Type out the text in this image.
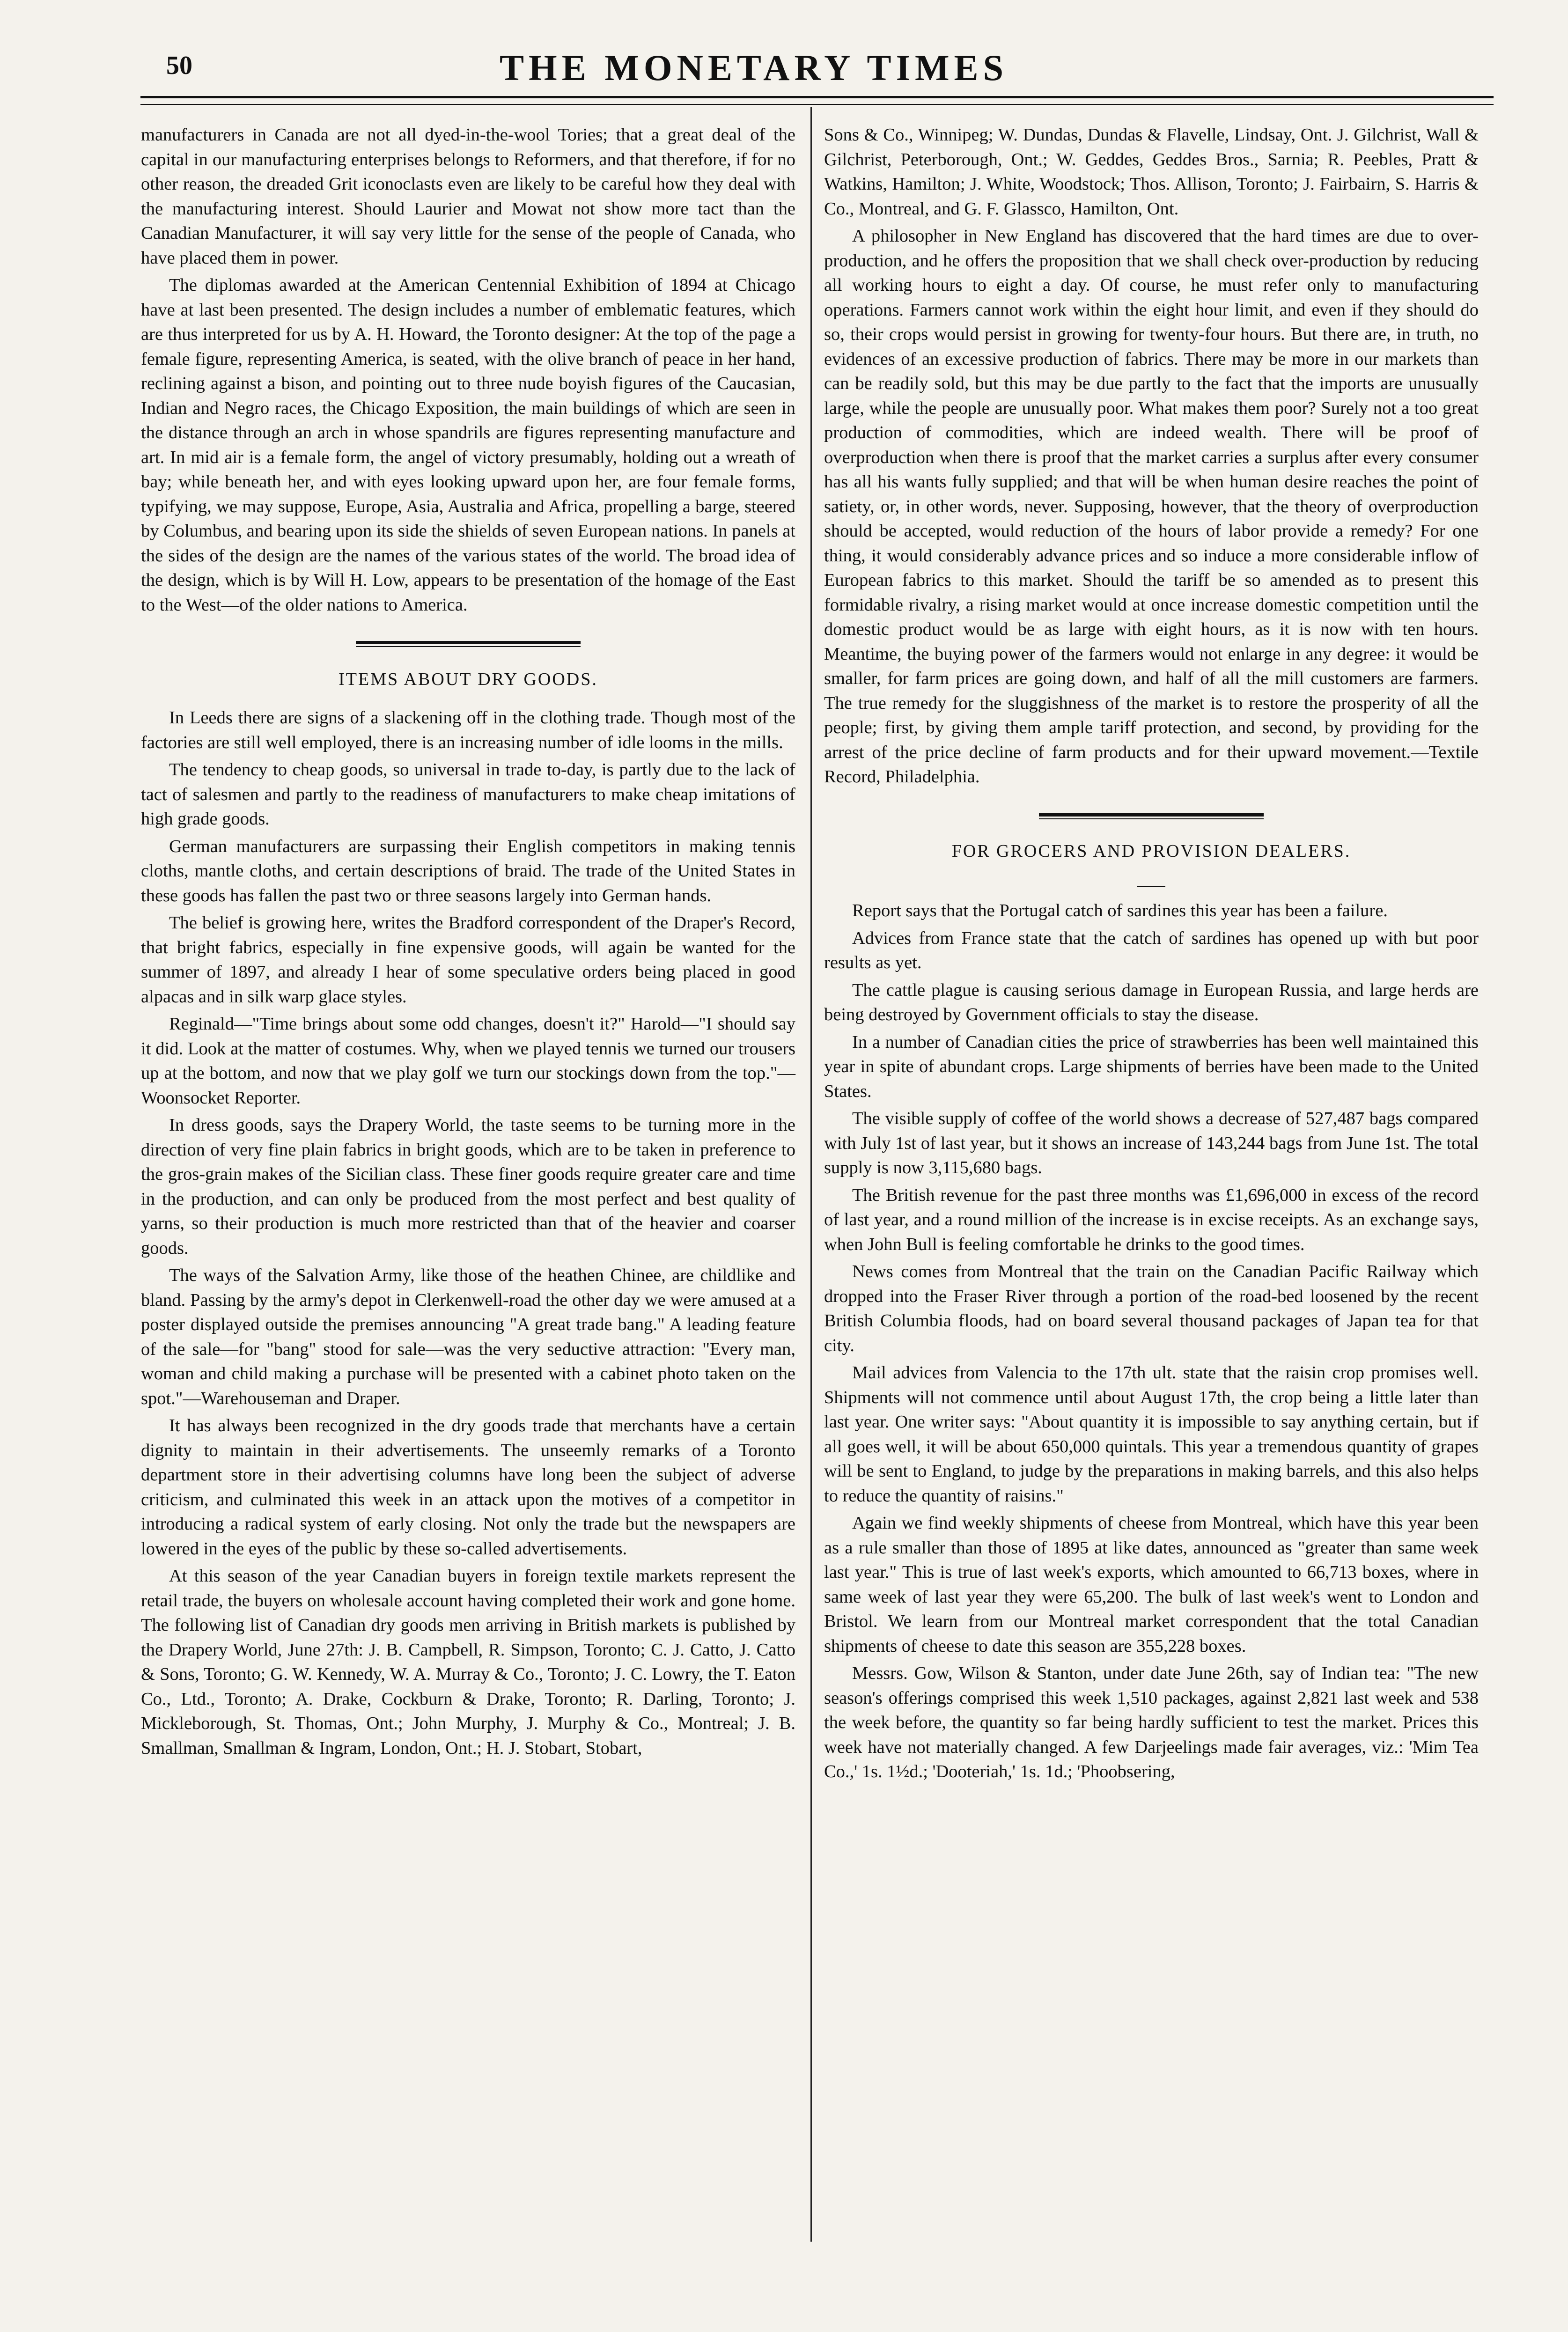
50	THE MONETARY TIMES

manufacturers in Canada are not all dyed-in-the-wool Tories; that a great deal of the capital in our manufacturing enterprises belongs to Reformers, and that therefore, if for no other reason, the dreaded Grit iconoclasts even are likely to be careful how they deal with the manufacturing interest. Should Laurier and Mowat not show more tact than the Canadian Manufacturer, it will say very little for the sense of the people of Canada, who have placed them in power.

The diplomas awarded at the American Centennial Exhibition of 1894 at Chicago have at last been presented. The design includes a number of emblematic features, which are thus interpreted for us by A. H. Howard, the Toronto designer: At the top of the page a female figure, representing America, is seated, with the olive branch of peace in her hand, reclining against a bison, and pointing out to three nude boyish figures of the Caucasian, Indian and Negro races, the Chicago Exposition, the main buildings of which are seen in the distance through an arch in whose spandrils are figures representing manufacture and art. In mid air is a female form, the angel of victory presumably, holding out a wreath of bay; while beneath her, and with eyes looking upward upon her, are four female forms, typifying, we may suppose, Europe, Asia, Australia and Africa, propelling a barge, steered by Columbus, and bearing upon its side the shields of seven European nations. In panels at the sides of the design are the names of the various states of the world. The broad idea of the design, which is by Will H. Low, appears to be presentation of the homage of the East to the West—of the older nations to America.

ITEMS ABOUT DRY GOODS.

In Leeds there are signs of a slackening off in the clothing trade. Though most of the factories are still well employed, there is an increasing number of idle looms in the mills.

The tendency to cheap goods, so universal in trade to-day, is partly due to the lack of tact of salesmen and partly to the readiness of manufacturers to make cheap imitations of high grade goods.

German manufacturers are surpassing their English competitors in making tennis cloths, mantle cloths, and certain descriptions of braid. The trade of the United States in these goods has fallen the past two or three seasons largely into German hands.

The belief is growing here, writes the Bradford correspondent of the Draper's Record, that bright fabrics, especially in fine expensive goods, will again be wanted for the summer of 1897, and already I hear of some speculative orders being placed in good alpacas and in silk warp glace styles.

Reginald—"Time brings about some odd changes, doesn't it?" Harold—"I should say it did. Look at the matter of costumes. Why, when we played tennis we turned our trousers up at the bottom, and now that we play golf we turn our stockings down from the top."—Woonsocket Reporter.

In dress goods, says the Drapery World, the taste seems to be turning more in the direction of very fine plain fabrics in bright goods, which are to be taken in preference to the gros-grain makes of the Sicilian class. These finer goods require greater care and time in the production, and can only be produced from the most perfect and best quality of yarns, so their production is much more restricted than that of the heavier and coarser goods.

The ways of the Salvation Army, like those of the heathen Chinee, are childlike and bland. Passing by the army's depot in Clerkenwell-road the other day we were amused at a poster displayed outside the premises announcing "A great trade bang." A leading feature of the sale—for "bang" stood for sale—was the very seductive attraction: "Every man, woman and child making a purchase will be presented with a cabinet photo taken on the spot."—Warehouseman and Draper.

It has always been recognized in the dry goods trade that merchants have a certain dignity to maintain in their advertisements. The unseemly remarks of a Toronto department store in their advertising columns have long been the subject of adverse criticism, and culminated this week in an attack upon the motives of a competitor in introducing a radical system of early closing. Not only the trade but the newspapers are lowered in the eyes of the public by these so-called advertisements.

At this season of the year Canadian buyers in foreign textile markets represent the retail trade, the buyers on wholesale account having completed their work and gone home. The following list of Canadian dry goods men arriving in British markets is published by the Drapery World, June 27th: J. B. Campbell, R. Simpson, Toronto; C. J. Catto, J. Catto & Sons, Toronto; G. W. Kennedy, W. A. Murray & Co., Toronto; J. C. Lowry, the T. Eaton Co., Ltd., Toronto; A. Drake, Cockburn & Drake, Toronto; R. Darling, Toronto; J. Mickleborough, St. Thomas, Ont.; John Murphy, J. Murphy & Co., Montreal; J. B. Smallman, Smallman & Ingram, London, Ont.; H. J. Stobart, Stobart,

Sons & Co., Winnipeg; W. Dundas, Dundas & Flavelle, Lindsay, Ont. J. Gilchrist, Wall & Gilchrist, Peterborough, Ont.; W. Geddes, Geddes Bros., Sarnia; R. Peebles, Pratt & Watkins, Hamilton; J. White, Woodstock; Thos. Allison, Toronto; J. Fairbairn, S. Harris & Co., Montreal, and G. F. Glassco, Hamilton, Ont.

A philosopher in New England has discovered that the hard times are due to over-production, and he offers the proposition that we shall check over-production by reducing all working hours to eight a day. Of course, he must refer only to manufacturing operations. Farmers cannot work within the eight hour limit, and even if they should do so, their crops would persist in growing for twenty-four hours. But there are, in truth, no evidences of an excessive production of fabrics. There may be more in our markets than can be readily sold, but this may be due partly to the fact that the imports are unusually large, while the people are unusually poor. What makes them poor? Surely not a too great production of commodities, which are indeed wealth. There will be proof of overproduction when there is proof that the market carries a surplus after every consumer has all his wants fully supplied; and that will be when human desire reaches the point of satiety, or, in other words, never. Supposing, however, that the theory of overproduction should be accepted, would reduction of the hours of labor provide a remedy? For one thing, it would considerably advance prices and so induce a more considerable inflow of European fabrics to this market. Should the tariff be so amended as to present this formidable rivalry, a rising market would at once increase domestic competition until the domestic product would be as large with eight hours, as it is now with ten hours. Meantime, the buying power of the farmers would not enlarge in any degree: it would be smaller, for farm prices are going down, and half of all the mill customers are farmers. The true remedy for the sluggishness of the market is to restore the prosperity of all the people; first, by giving them ample tariff protection, and second, by providing for the arrest of the price decline of farm products and for their upward movement.—Textile Record, Philadelphia.

FOR GROCERS AND PROVISION DEALERS.

Report says that the Portugal catch of sardines this year has been a failure.

Advices from France state that the catch of sardines has opened up with but poor results as yet.

The cattle plague is causing serious damage in European Russia, and large herds are being destroyed by Government officials to stay the disease.

In a number of Canadian cities the price of strawberries has been well maintained this year in spite of abundant crops. Large shipments of berries have been made to the United States.

The visible supply of coffee of the world shows a decrease of 527,487 bags compared with July 1st of last year, but it shows an increase of 143,244 bags from June 1st. The total supply is now 3,115,680 bags.

The British revenue for the past three months was £1,696,000 in excess of the record of last year, and a round million of the increase is in excise receipts. As an exchange says, when John Bull is feeling comfortable he drinks to the good times.

News comes from Montreal that the train on the Canadian Pacific Railway which dropped into the Fraser River through a portion of the road-bed loosened by the recent British Columbia floods, had on board several thousand packages of Japan tea for that city.

Mail advices from Valencia to the 17th ult. state that the raisin crop promises well. Shipments will not commence until about August 17th, the crop being a little later than last year. One writer says: "About quantity it is impossible to say anything certain, but if all goes well, it will be about 650,000 quintals. This year a tremendous quantity of grapes will be sent to England, to judge by the preparations in making barrels, and this also helps to reduce the quantity of raisins."

Again we find weekly shipments of cheese from Montreal, which have this year been as a rule smaller than those of 1895 at like dates, announced as "greater than same week last year." This is true of last week's exports, which amounted to 66,713 boxes, where in same week of last year they were 65,200. The bulk of last week's went to London and Bristol. We learn from our Montreal market correspondent that the total Canadian shipments of cheese to date this season are 355,228 boxes.

Messrs. Gow, Wilson & Stanton, under date June 26th, say of Indian tea: "The new season's offerings comprised this week 1,510 packages, against 2,821 last week and 538 the week before, the quantity so far being hardly sufficient to test the market. Prices this week have not materially changed. A few Darjeelings made fair averages, viz.: 'Mim Tea Co.,' 1s. 1½d.; 'Dooteriah,' 1s. 1d.; 'Phoobsering,
